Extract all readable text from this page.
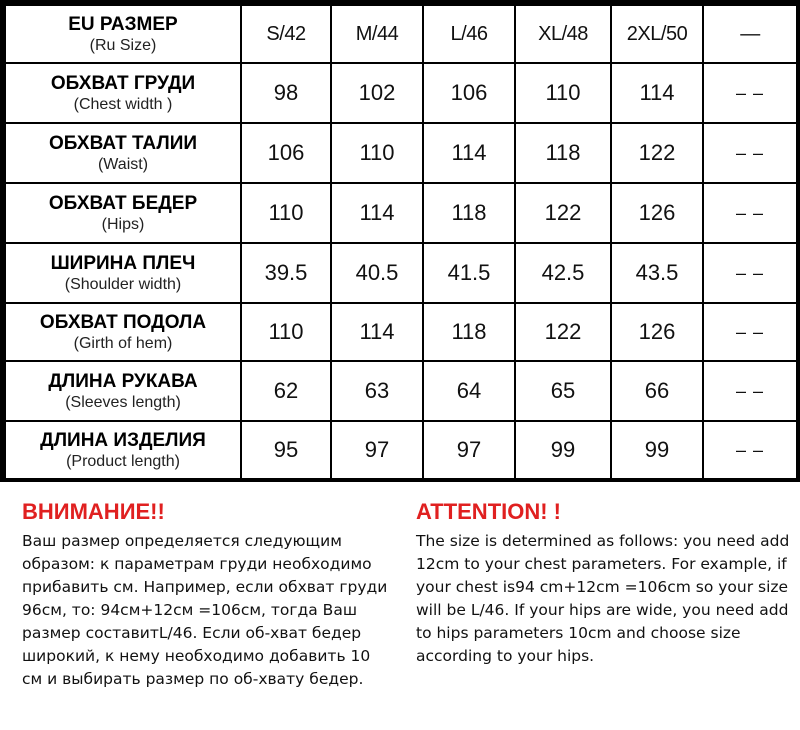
EU РАЗМЕР
(Ru Size)	S/42	M/44	L/46	XL/48	2XL/50	—

ОБХВАТ ГРУДИ
(Chest width )	98	102	106	110	114	– –

ОБХВАТ ТАЛИИ
(Waist)	106	110	114	118	122	– –

ОБХВАТ БЕДЕР
(Hips)	110	114	118	122	126	– –

ШИРИНА ПЛЕЧ
(Shoulder width)	39.5	40.5	41.5	42.5	43.5	– –

ОБХВАТ ПОДОЛА
(Girth of hem)	110	114	118	122	126	– –

ДЛИНА РУКАВА
(Sleeves length)	62	63	64	65	66	– –

ДЛИНА ИЗДЕЛИЯ
(Product length)	95	97	97	99	99	– –
ВНИМАНИЕ!!

Ваш размер определяется следующим образом: к параметрам груди необходимо прибавить см. Например, если обхват груди 96см, то: 94см+12см =106см, тогда Ваш размер составитL/46. Если об-хват бедер широкий, к нему необходимо добавить 10 см и выбирать размер по об-хвату бедер.

ATTENTION! !

The size is determined as follows: you need add 12cm to your chest parameters. For example, if your chest is94 cm+12cm =106cm so your size will be L/46. If your hips are wide, you need add to hips parameters 10cm and choose size according to your hips.
